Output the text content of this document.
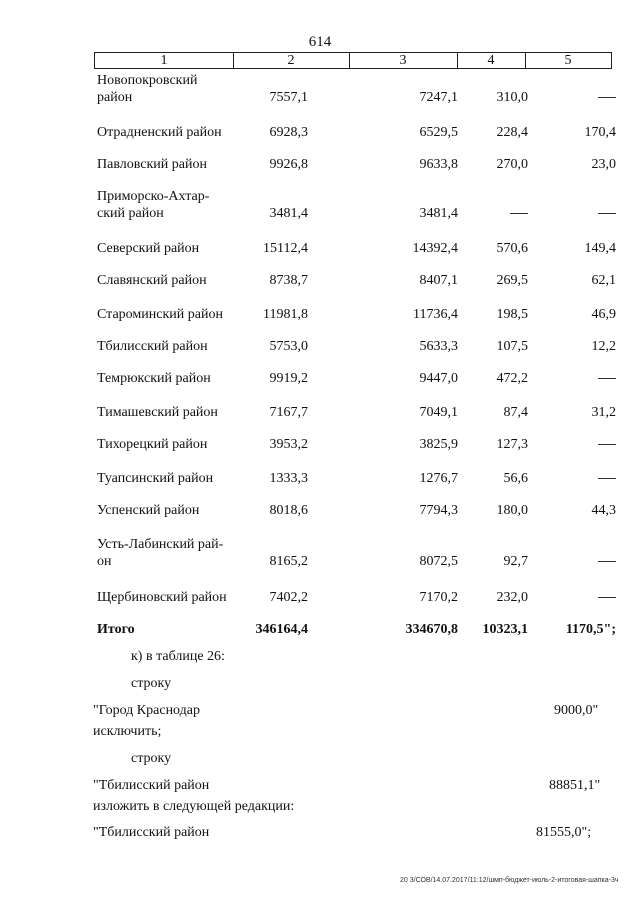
614
1	2	3	4	5
Новопокровский
район	7557,1	7247,1	310,0
Отрадненский район	6928,3	6529,5	228,4	170,4
Павловский район	9926,8	9633,8	270,0	23,0
Приморско-Ахтар-
ский район	3481,4	3481,4
Северский район	15112,4	14392,4	570,6	149,4
Славянский район	8738,7	8407,1	269,5	62,1
Староминский район	11981,8	11736,4	198,5	46,9
Тбилисский район	5753,0	5633,3	107,5	12,2
Темрюкский район	9919,2	9447,0	472,2
Тимашевский район	7167,7	7049,1	87,4	31,2
Тихорецкий район	3953,2	3825,9	127,3
Туапсинский район	1333,3	1276,7	56,6
Успенский район	8018,6	7794,3	180,0	44,3
Усть-Лабинский рай-
он	8165,2	8072,5	92,7
Щербиновский район	7402,2	7170,2	232,0
Итого	346164,4	334670,8	10323,1	1170,5";
к) в таблице 26:
строку
"Город Краснодар	9000,0"
исключить;
строку
"Тбилисский район	88851,1"
изложить в следующей редакции:
"Тбилисский район	81555,0";
20 3/СОВ/14.07.2017/11:12/шмп-бюджет-июль-2-итоговая-шапка-3ч
